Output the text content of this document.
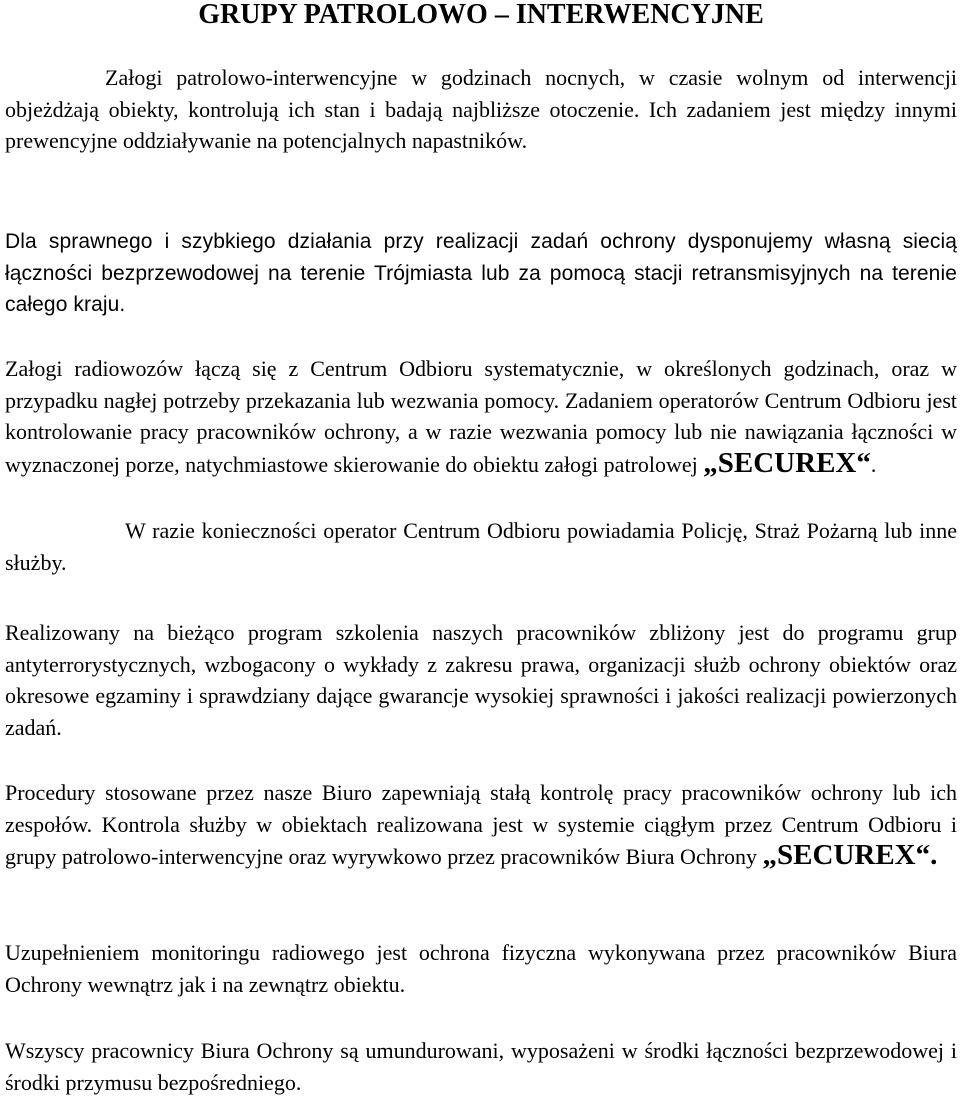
GRUPY PATROLOWO – INTERWENCYJNE

Załogi patrolowo-interwencyjne w godzinach nocnych, w czasie wolnym od interwencji objeżdżają obiekty, kontrolują ich stan i badają najbliższe otoczenie. Ich zadaniem jest między innymi prewencyjne oddziaływanie na potencjalnych napastników.

Dla sprawnego i szybkiego działania przy realizacji zadań ochrony dysponujemy własną siecią łączności bezprzewodowej na terenie Trójmiasta lub za pomocą stacji retransmisyjnych na terenie całego kraju.

Załogi radiowozów łączą się z Centrum Odbioru systematycznie, w określonych godzinach, oraz w przypadku nagłej potrzeby przekazania lub wezwania pomocy. Zadaniem operatorów Centrum Odbioru jest kontrolowanie pracy pracowników ochrony, a w razie wezwania pomocy lub nie nawiązania łączności w wyznaczonej porze, natychmiastowe skierowanie do obiektu załogi patrolowej „SECUREX“.

W razie konieczności operator Centrum Odbioru powiadamia Policję, Straż Pożarną lub inne służby.

Realizowany na bieżąco program szkolenia naszych pracowników zbliżony jest do programu grup antyterrorystycznych, wzbogacony o wykłady z zakresu prawa, organizacji służb ochrony obiektów oraz okresowe egzaminy i sprawdziany dające gwarancje wysokiej sprawności i jakości realizacji powierzonych zadań.

Procedury stosowane przez nasze Biuro zapewniają stałą kontrolę pracy pracowników ochrony lub ich zespołów. Kontrola służby w obiektach realizowana jest w systemie ciągłym przez Centrum Odbioru i grupy patrolowo-interwencyjne oraz wyrywkowo przez pracowników Biura Ochrony „SECUREX“.

Uzupełnieniem monitoringu radiowego jest ochrona fizyczna wykonywana przez pracowników Biura Ochrony wewnątrz jak i na zewnątrz obiektu.

Wszyscy pracownicy Biura Ochrony są umundurowani, wyposażeni w środki łączności bezprzewodowej i środki przymusu bezpośredniego.
